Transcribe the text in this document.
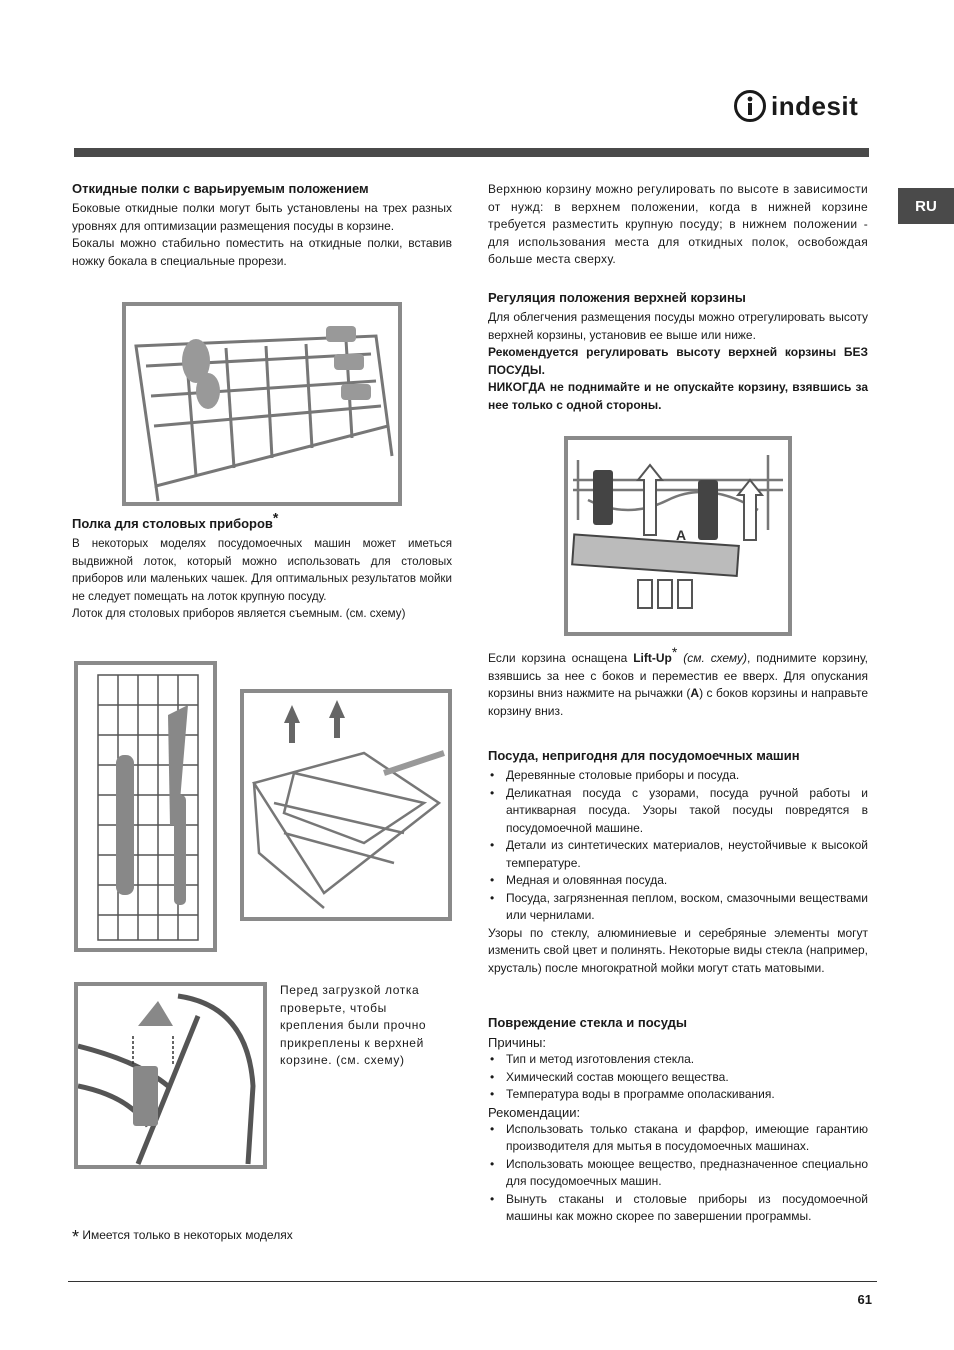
indesit
RU
Откидные полки с варьируемым положением

Боковые откидные полки могут быть установлены на трех разных уровнях для оптимизации размещения посуды в корзине.

Бокалы можно стабильно поместить на откидные полки, вставив ножку бокала в специальные прорези.

Полка для столовых приборов*

В некоторых моделях посудомоечных машин может иметься выдвижной лоток, который можно использовать для столовых приборов или маленьких чашек. Для оптимальных результатов мойки не следует помещать на лоток крупную посуду.

Лоток для столовых приборов является съемным. (см. схему)

Перед загрузкой лотка проверьте, чтобы крепления были прочно прикреплены к верхней корзине. (см. схему)

* Имеется только в некоторых моделях

Верхнюю корзину можно регулировать по высоте в зависимости от нужд: в верхнем положении, когда в нижней корзине требуется разместить крупную посуду; в нижнем положении - для использования места для откидных полок, освобождая больше места сверху.

Регуляция положения верхней корзины

Для облегчения размещения посуды можно отрегулировать высоту верхней корзины, установив ее выше или ниже.

Рекомендуется регулировать высоту верхней корзины БЕЗ ПОСУДЫ.

НИКОГДА не поднимайте и не опускайте корзину, взявшись за нее только с одной стороны.

A

Если корзина оснащена Lift-Up* (см. схему), поднимите корзину, взявшись за нее с боков и переместив ее вверх. Для опускания корзины вниз нажмите на рычажки (А) с боков корзины и направьте корзину вниз.

Посуда, непригодня для посудомоечных машин
• Деревянные столовые приборы и посуда.
• Деликатная посуда с узорами, посуда ручной работы и антикварная посуда. Узоры такой посуды повредятся в посудомоечной машине.
• Детали из синтетических материалов, неустойчивые к высокой температуре.
• Медная и оловянная посуда.
• Посуда, загрязненная пеплом, воском, смазочными веществами или чернилами.

Узоры по стеклу, алюминиевые и серебряные элементы могут изменить свой цвет и полинять. Некоторые виды стекла (например, хрусталь) после многократной мойки могут стать матовыми.

Повреждение стекла и посуды
Причины:
• Тип и метод изготовления стекла.
• Химический состав моющего вещества.
• Температура воды в программе ополаскивания.
Рекомендации:
• Использовать только стакана и фарфор, имеющие гарантию производителя для мытья в посудомоечных машинах.
• Использовать моющее вещество, предназначенное специально для посудомоечных машин.
• Вынуть стаканы и столовые приборы из посудомоечной машины как можно скорее по завершении программы.
61
